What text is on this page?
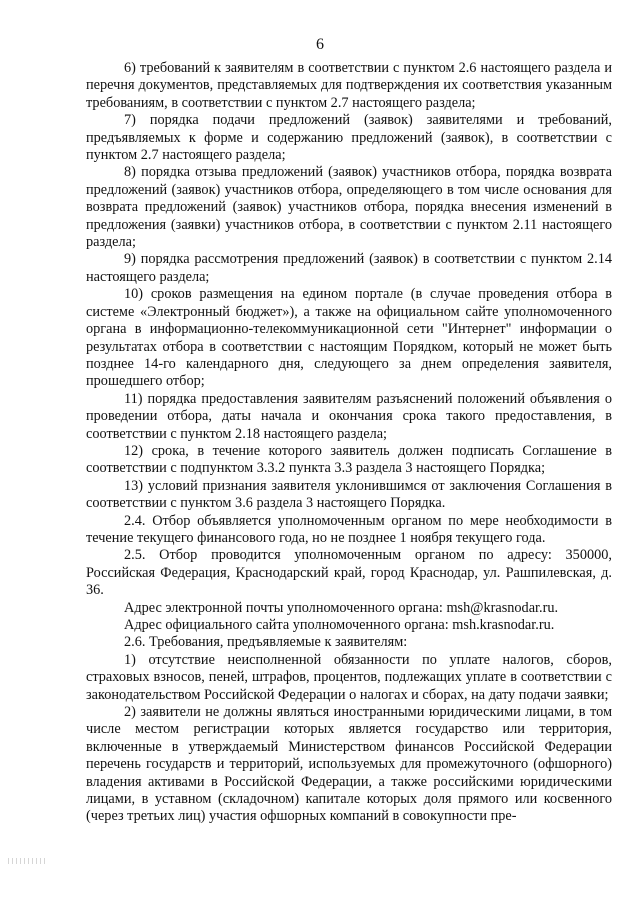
6

6) требований к заявителям в соответствии с пунктом 2.6 настоящего раздела и перечня документов, представляемых для подтверждения их соответствия указанным требованиям, в соответствии с пунктом 2.7 настоящего раздела;

7) порядка подачи предложений (заявок) заявителями и требований, предъявляемых к форме и содержанию предложений (заявок), в соответствии с пунктом 2.7 настоящего раздела;

8) порядка отзыва предложений (заявок) участников отбора, порядка возврата предложений (заявок) участников отбора, определяющего в том числе основания для возврата предложений (заявок) участников отбора, порядка внесения изменений в предложения (заявки) участников отбора, в соответствии с пунктом 2.11 настоящего раздела;

9) порядка рассмотрения предложений (заявок) в соответствии с пунктом 2.14 настоящего раздела;

10) сроков размещения на едином портале (в случае проведения отбора в системе «Электронный бюджет»), а также на официальном сайте уполномоченного органа в информационно-телекоммуникационной сети "Интернет" информации о результатах отбора в соответствии с настоящим Порядком, который не может быть позднее 14-го календарного дня, следующего за днем определения заявителя, прошедшего отбор;

11) порядка предоставления заявителям разъяснений положений объявления о проведении отбора, даты начала и окончания срока такого предоставления, в соответствии с пунктом 2.18 настоящего раздела;

12) срока, в течение которого заявитель должен подписать Соглашение в соответствии с подпунктом 3.3.2 пункта 3.3 раздела 3 настоящего Порядка;

13) условий признания заявителя уклонившимся от заключения Соглашения в соответствии с пунктом 3.6 раздела 3 настоящего Порядка.

2.4. Отбор объявляется уполномоченным органом по мере необходимости в течение текущего финансового года, но не позднее 1 ноября текущего года.

2.5. Отбор проводится уполномоченным органом по адресу: 350000, Российская Федерация, Краснодарский край, город Краснодар, ул. Рашпилевская, д. 36.

Адрес электронной почты уполномоченного органа: msh@krasnodar.ru.

Адрес официального сайта уполномоченного органа: msh.krasnodar.ru.

2.6. Требования, предъявляемые к заявителям:

1) отсутствие неисполненной обязанности по уплате налогов, сборов, страховых взносов, пеней, штрафов, процентов, подлежащих уплате в соответствии с законодательством Российской Федерации о налогах и сборах, на дату подачи заявки;

2) заявители не должны являться иностранными юридическими лицами, в том числе местом регистрации которых является государство или территория, включенные в утверждаемый Министерством финансов Российской Федерации перечень государств и территорий, используемых для промежуточного (офшорного) владения активами в Российской Федерации, а также российскими юридическими лицами, в уставном (складочном) капитале которых доля прямого или косвенного (через третьих лиц) участия офшорных компаний в совокупности пре-
